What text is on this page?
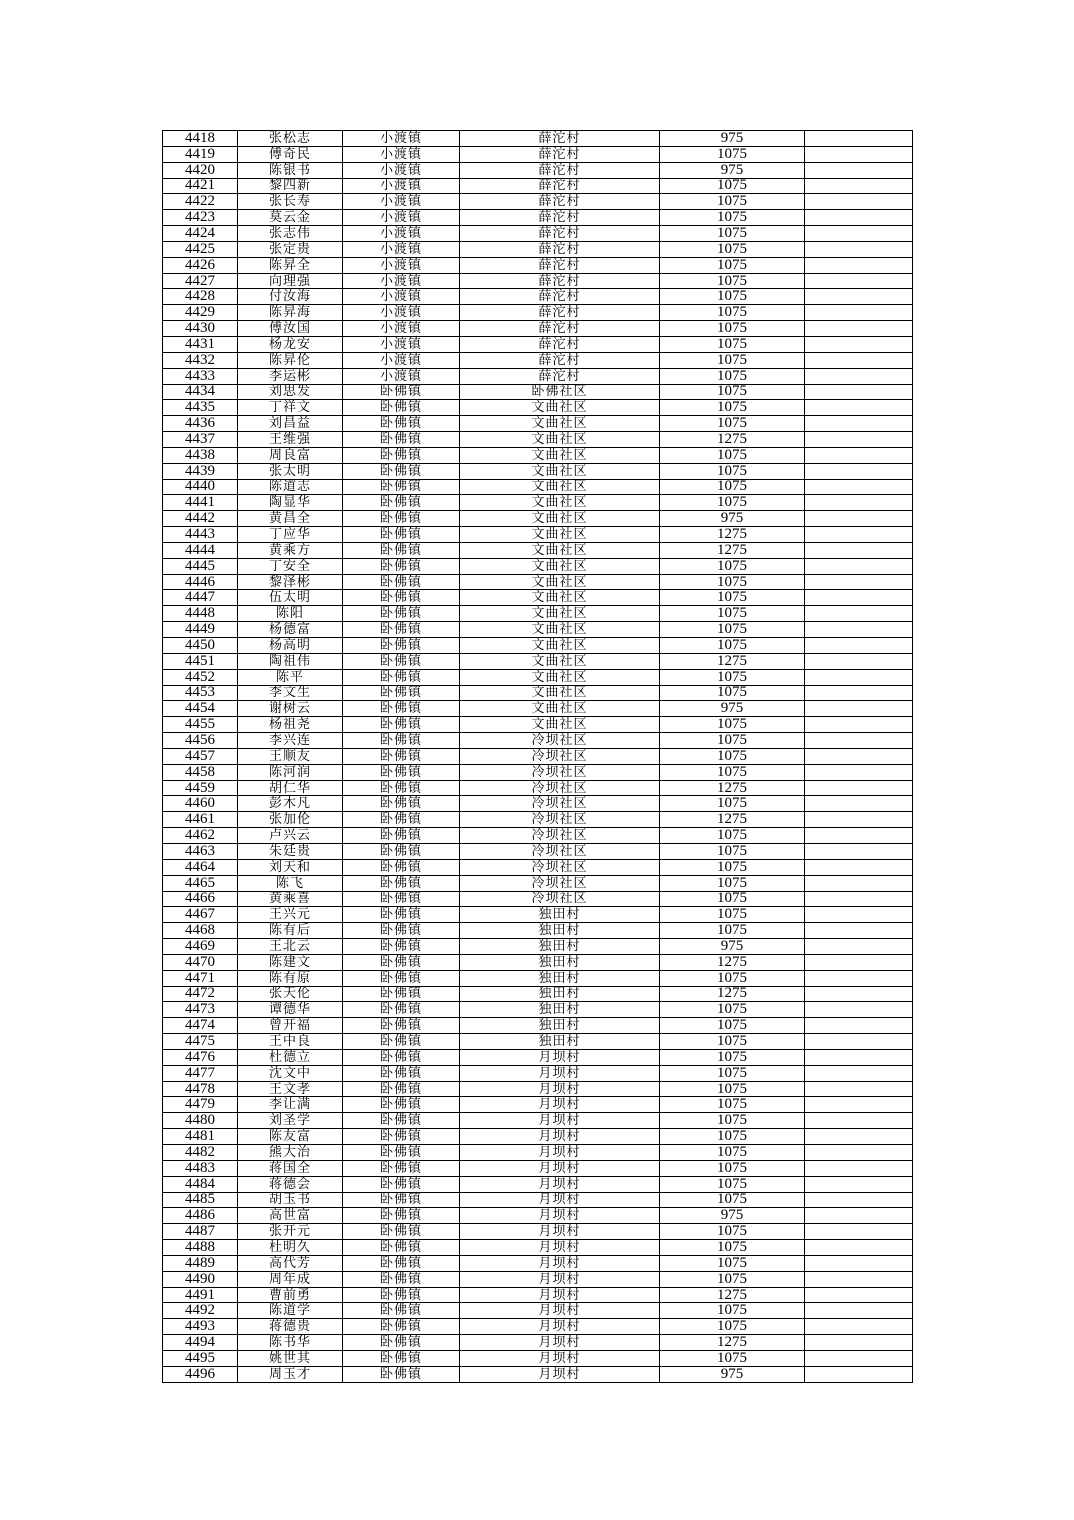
4418	张松志	小渡镇	薛沱村	975	
4419	傅奇民	小渡镇	薛沱村	1075	
4420	陈银书	小渡镇	薛沱村	975	
4421	黎四新	小渡镇	薛沱村	1075	
4422	张长寿	小渡镇	薛沱村	1075	
4423	莫云金	小渡镇	薛沱村	1075	
4424	张志伟	小渡镇	薛沱村	1075	
4425	张定贵	小渡镇	薛沱村	1075	
4426	陈昇全	小渡镇	薛沱村	1075	
4427	向理强	小渡镇	薛沱村	1075	
4428	付汝海	小渡镇	薛沱村	1075	
4429	陈昇海	小渡镇	薛沱村	1075	
4430	傅汝国	小渡镇	薛沱村	1075	
4431	杨龙安	小渡镇	薛沱村	1075	
4432	陈昇伦	小渡镇	薛沱村	1075	
4433	李运彬	小渡镇	薛沱村	1075	
4434	刘思发	卧佛镇	卧佛社区	1075	
4435	丁祥文	卧佛镇	文曲社区	1075	
4436	刘昌益	卧佛镇	文曲社区	1075	
4437	王维强	卧佛镇	文曲社区	1275	
4438	周良富	卧佛镇	文曲社区	1075	
4439	张太明	卧佛镇	文曲社区	1075	
4440	陈道志	卧佛镇	文曲社区	1075	
4441	陶显华	卧佛镇	文曲社区	1075	
4442	黄昌全	卧佛镇	文曲社区	975	
4443	丁应华	卧佛镇	文曲社区	1275	
4444	黄乘方	卧佛镇	文曲社区	1275	
4445	丁安全	卧佛镇	文曲社区	1075	
4446	黎泽彬	卧佛镇	文曲社区	1075	
4447	伍太明	卧佛镇	文曲社区	1075	
4448	陈阳	卧佛镇	文曲社区	1075	
4449	杨德富	卧佛镇	文曲社区	1075	
4450	杨高明	卧佛镇	文曲社区	1075	
4451	陶祖伟	卧佛镇	文曲社区	1275	
4452	陈平	卧佛镇	文曲社区	1075	
4453	李文生	卧佛镇	文曲社区	1075	
4454	谢树云	卧佛镇	文曲社区	975	
4455	杨祖尧	卧佛镇	文曲社区	1075	
4456	李兴连	卧佛镇	冷坝社区	1075	
4457	王顺友	卧佛镇	冷坝社区	1075	
4458	陈河润	卧佛镇	冷坝社区	1075	
4459	胡仁华	卧佛镇	冷坝社区	1275	
4460	彭木凡	卧佛镇	冷坝社区	1075	
4461	张加伦	卧佛镇	冷坝社区	1275	
4462	卢兴云	卧佛镇	冷坝社区	1075	
4463	朱廷贵	卧佛镇	冷坝社区	1075	
4464	刘天和	卧佛镇	冷坝社区	1075	
4465	陈飞	卧佛镇	冷坝社区	1075	
4466	黄乘喜	卧佛镇	冷坝社区	1075	
4467	王兴元	卧佛镇	独田村	1075	
4468	陈有后	卧佛镇	独田村	1075	
4469	王北云	卧佛镇	独田村	975	
4470	陈建文	卧佛镇	独田村	1275	
4471	陈有原	卧佛镇	独田村	1075	
4472	张天伦	卧佛镇	独田村	1275	
4473	谭德华	卧佛镇	独田村	1075	
4474	曾开福	卧佛镇	独田村	1075	
4475	王中良	卧佛镇	独田村	1075	
4476	杜德立	卧佛镇	月坝村	1075	
4477	沈文中	卧佛镇	月坝村	1075	
4478	王文孝	卧佛镇	月坝村	1075	
4479	李让满	卧佛镇	月坝村	1075	
4480	刘圣学	卧佛镇	月坝村	1075	
4481	陈友富	卧佛镇	月坝村	1075	
4482	熊大治	卧佛镇	月坝村	1075	
4483	蒋国全	卧佛镇	月坝村	1075	
4484	蒋德会	卧佛镇	月坝村	1075	
4485	胡玉书	卧佛镇	月坝村	1075	
4486	高世富	卧佛镇	月坝村	975	
4487	张开元	卧佛镇	月坝村	1075	
4488	杜明久	卧佛镇	月坝村	1075	
4489	高代芳	卧佛镇	月坝村	1075	
4490	周年成	卧佛镇	月坝村	1075	
4491	曹前勇	卧佛镇	月坝村	1275	
4492	陈道学	卧佛镇	月坝村	1075	
4493	蒋德贵	卧佛镇	月坝村	1075	
4494	陈书华	卧佛镇	月坝村	1275	
4495	姚世其	卧佛镇	月坝村	1075	
4496	周玉才	卧佛镇	月坝村	975	
